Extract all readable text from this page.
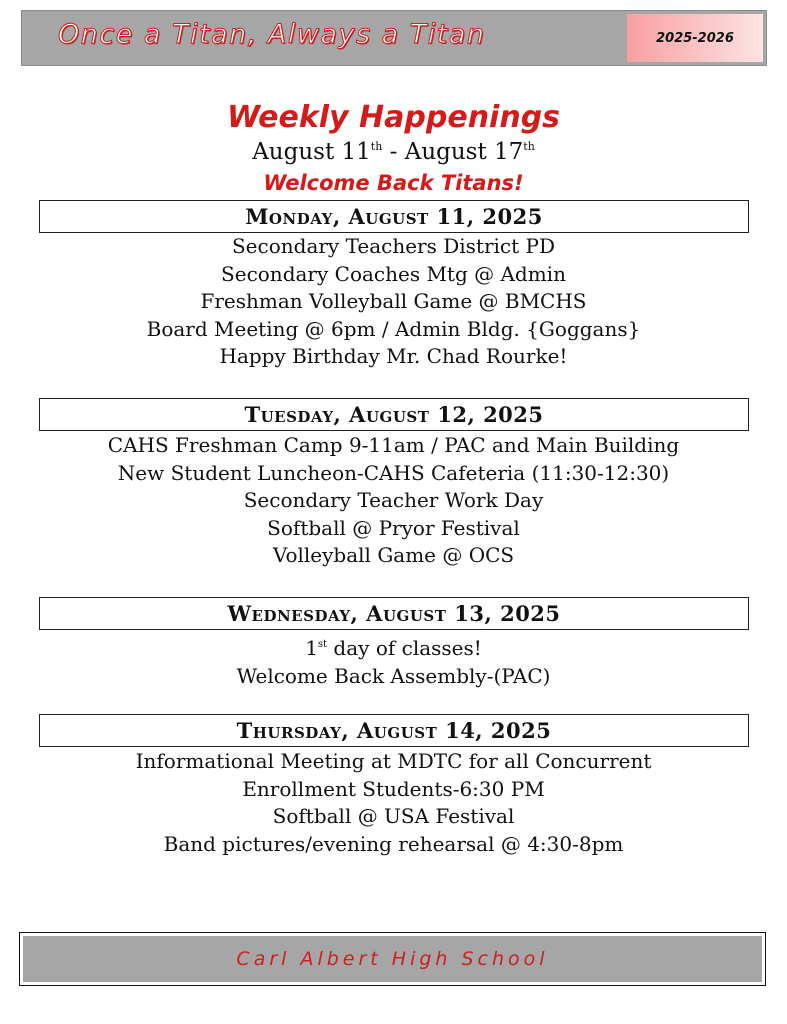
Once a Titan, Always a Titan	2025-2026
Weekly Happenings
August 11th - August 17th
Welcome Back Titans!
Monday, August 11, 2025
Secondary Teachers District PD
Secondary Coaches Mtg @ Admin
Freshman Volleyball Game @ BMCHS
Board Meeting @ 6pm / Admin Bldg. {Goggans}
Happy Birthday Mr. Chad Rourke!
Tuesday, August 12, 2025
CAHS Freshman Camp 9-11am / PAC and Main Building
New Student Luncheon-CAHS Cafeteria (11:30-12:30)
Secondary Teacher Work Day
Softball @ Pryor Festival
Volleyball Game @ OCS
Wednesday, August 13, 2025
1st day of classes!
Welcome Back Assembly-(PAC)
Thursday, August 14, 2025
Informational Meeting at MDTC for all Concurrent
Enrollment Students-6:30 PM
Softball @ USA Festival
Band pictures/evening rehearsal @ 4:30-8pm
Carl Albert High School
